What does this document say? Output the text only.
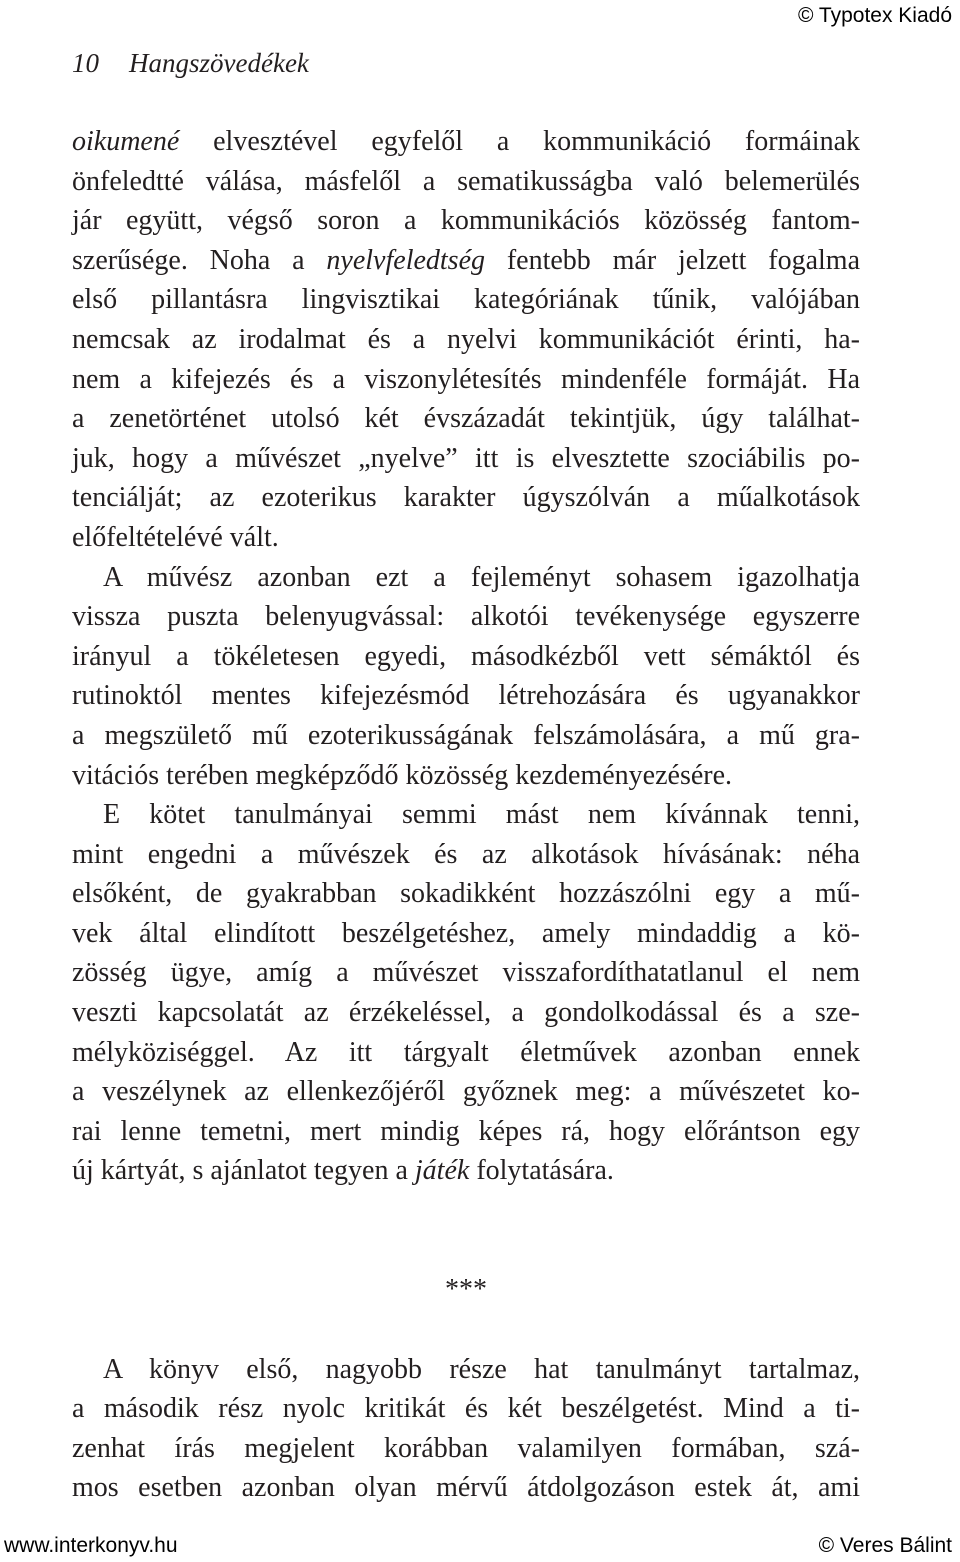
© Typotex Kiadó
10 Hangszövedékek
oikumené elvesztével egyfelől a kommunikáció formáinak
önfeledtté válása, másfelől a sematikusságba való belemerülés
jár együtt, végső soron a kommunikációs közösség fantom-
szerűsége. Noha a nyelvfeledtség fentebb már jelzett fogalma
első pillantásra lingvisztikai kategóriának tűnik, valójában
nemcsak az irodalmat és a nyelvi kommunikációt érinti, ha-
nem a kifejezés és a viszonylétesítés mindenféle formáját. Ha
a zenetörténet utolsó két évszázadát tekintjük, úgy találhat-
juk, hogy a művészet „nyelve” itt is elvesztette szociábilis po-
tenciálját; az ezoterikus karakter úgyszólván a műalkotások
előfeltételévé vált.
A művész azonban ezt a fejleményt sohasem igazolhatja
vissza puszta belenyugvással: alkotói tevékenysége egyszerre
irányul a tökéletesen egyedi, másodkézből vett sémáktól és
rutinoktól mentes kifejezésmód létrehozására és ugyanakkor
a megszülető mű ezoterikusságának felszámolására, a mű gra-
vitációs terében megképződő közösség kezdeményezésére.
E kötet tanulmányai semmi mást nem kívánnak tenni,
mint engedni a művészek és az alkotások hívásának: néha
elsőként, de gyakrabban sokadikként hozzászólni egy a mű-
vek által elindított beszélgetéshez, amely mindaddig a kö-
zösség ügye, amíg a művészet visszafordíthatatlanul el nem
veszti kapcsolatát az érzékeléssel, a gondolkodással és a sze-
mélyköziséggel. Az itt tárgyalt életművek azonban ennek
a veszélynek az ellenkezőjéről győznek meg: a művészetet ko-
rai lenne temetni, mert mindig képes rá, hogy előrántson egy
új kártyát, s ajánlatot tegyen a játék folytatására.
***
A könyv első, nagyobb része hat tanulmányt tartalmaz,
a második rész nyolc kritikát és két beszélgetést. Mind a ti-
zenhat írás megjelent korábban valamilyen formában, szá-
mos esetben azonban olyan mérvű átdolgozáson estek át, ami
www.interkonyv.hu	© Veres Bálint
